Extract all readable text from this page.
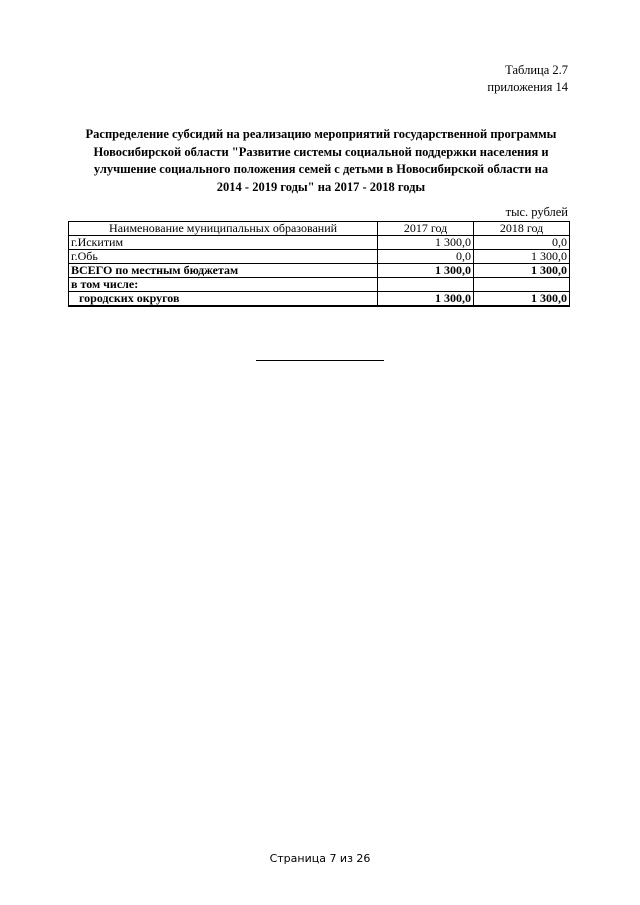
Таблица 2.7
приложения 14
Распределение субсидий на реализацию мероприятий государственной программы
Новосибирской области "Развитие системы социальной поддержки населения и
улучшение социального положения семей с детьми в Новосибирской области на
2014 - 2019 годы" на 2017 - 2018 годы
тыс. рублей
Наименование муниципальных образований	2017 год	2018 год
г.Искитим	1 300,0	0,0
г.Обь	0,0	1 300,0
ВСЕГО по местным бюджетам	1 300,0	1 300,0
в том числе:		
городских округов	1 300,0	1 300,0
Страница 7 из 26
